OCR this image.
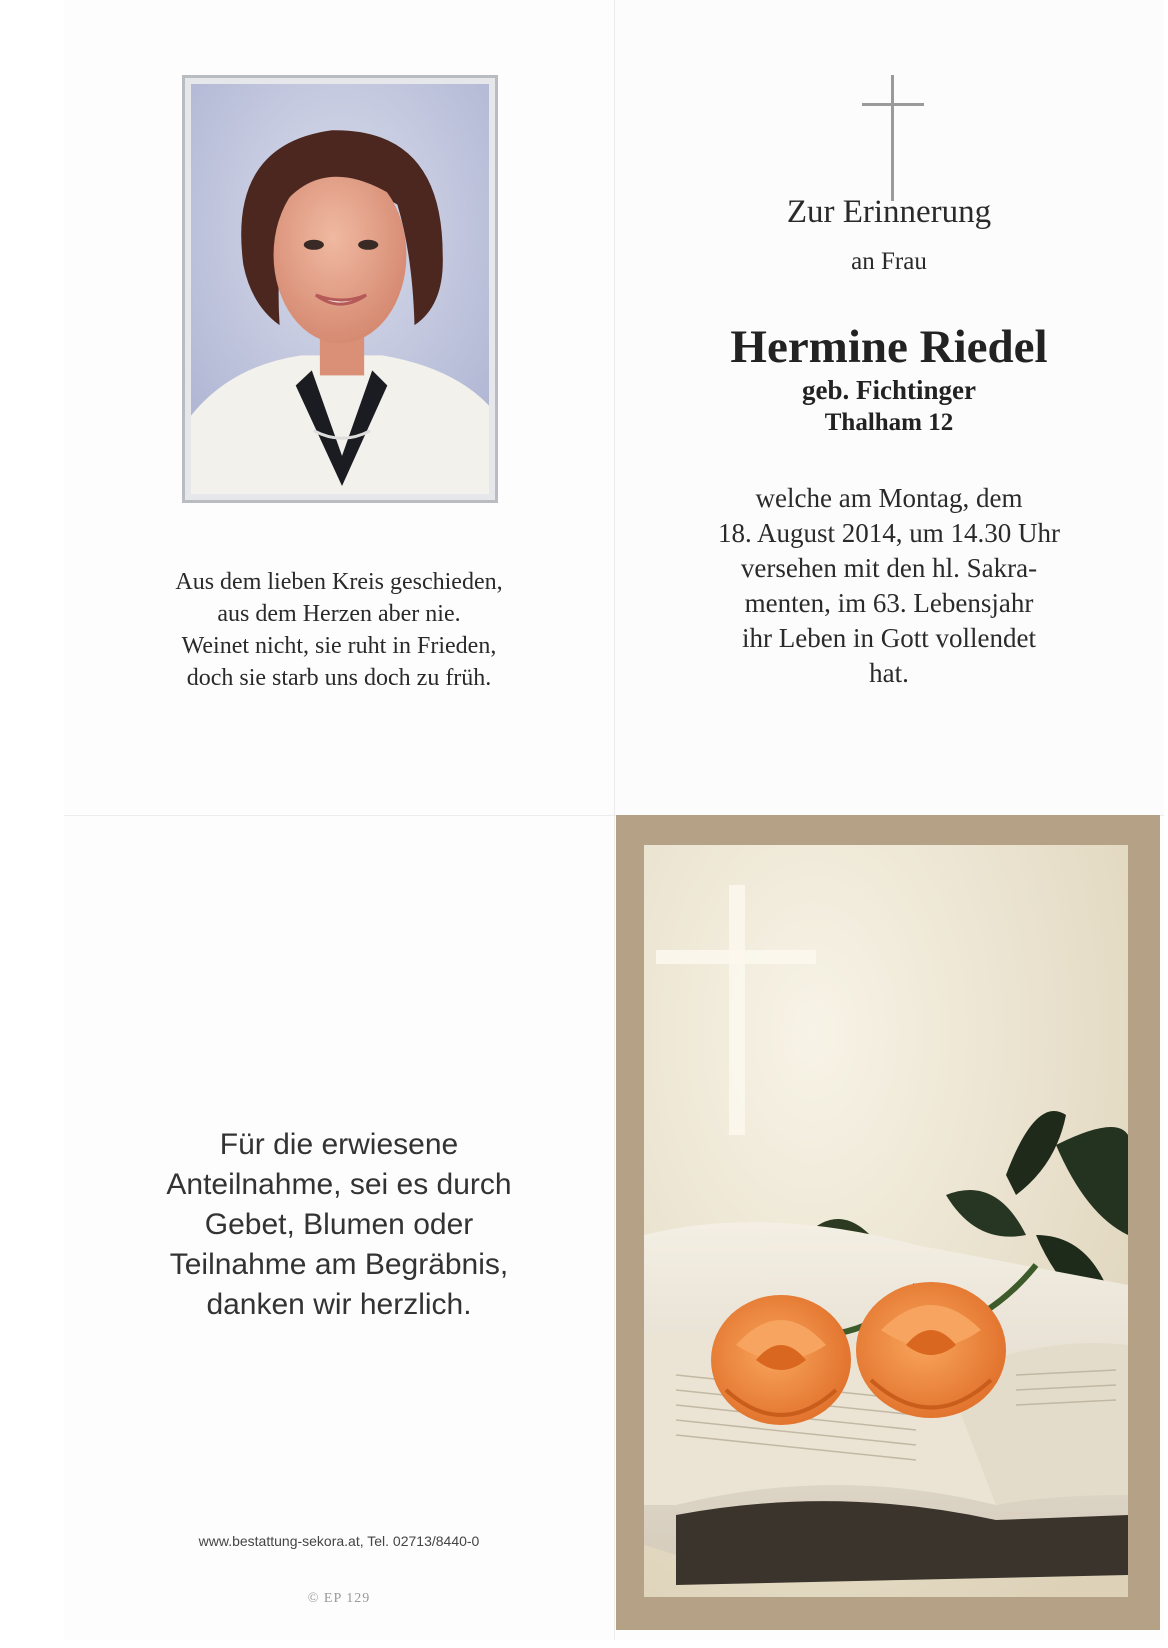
Aus dem lieben Kreis geschieden,
aus dem Herzen aber nie.
Weinet nicht, sie ruht in Frieden,
doch sie starb uns doch zu früh.
Zur Erinnerung
an Frau
Hermine Riedel
geb. Fichtinger
Thalham 12
welche am Montag, dem
18. August 2014, um 14.30 Uhr
versehen mit den hl. Sakra-
menten, im 63. Lebensjahr
ihr Leben in Gott vollendet
hat.
Für die erwiesene
Anteilnahme, sei es durch
Gebet, Blumen oder
Teilnahme am Begräbnis,
danken wir herzlich.
www.bestattung-sekora.at, Tel. 02713/8440-0
© EP 129
